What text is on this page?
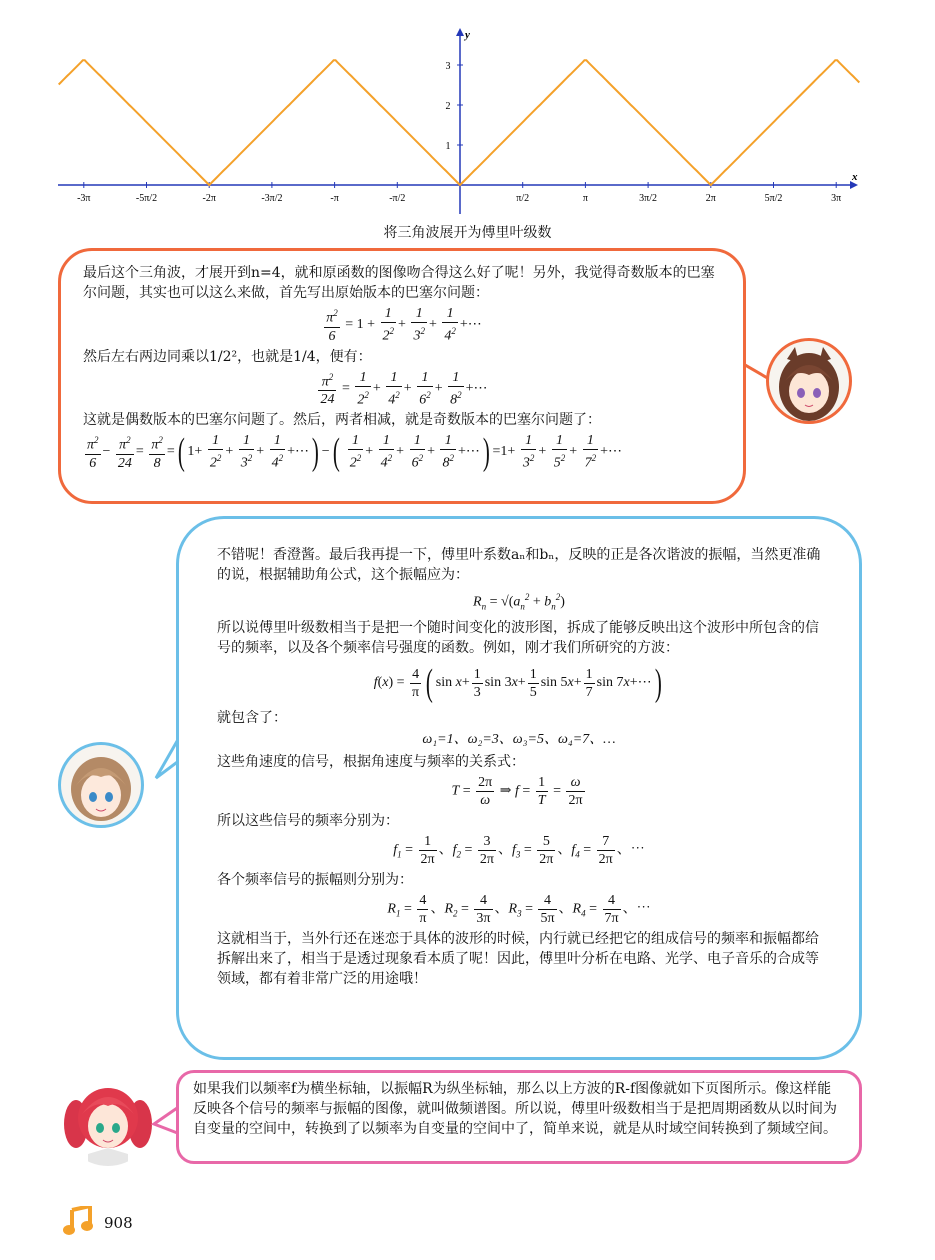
x
y
-3π	-5π/2	-2π	-3π/2	-π	-π/2	π/2	π	3π/2	2π	5π/2	3π
1
2
3
将三角波展开为傅里叶级数

最后这个三角波，才展开到n=4，就和原函数的图像吻合得这么好了呢！另外，我觉得奇数版本的巴塞尔问题，其实也可以这么来做，首先写出原始版本的巴塞尔问题：

$\frac{\pi^2}{6} = 1 + \frac{1}{2^2} + \frac{1}{3^2} + \frac{1}{4^2}$ +⋯

然后左右两边同乘以1/2²，也就是1/4，便有：

$\frac{\pi^2}{24} = \frac{1}{2^2} + \frac{1}{4^2} + \frac{1}{6^2} + \frac{1}{8^2}$ +⋯

这就是偶数版本的巴塞尔问题了。然后，两者相减，就是奇数版本的巴塞尔问题了：

$\frac{\pi^2}{6} - \frac{\pi^2}{24} = \frac{\pi^2}{8}$ =( $1+ \frac{1}{2^2} + \frac{1}{3^2} + \frac{1}{4^2}$ +⋯) −( $\frac{1}{2^2} + \frac{1}{4^2} + \frac{1}{6^2} + \frac{1}{8^2}$ +⋯) $=1+ \frac{1}{3^2} + \frac{1}{5^2} + \frac{1}{7^2}$ +⋯

不错呢！香澄酱。最后我再提一下，傅里叶系数aₙ和bₙ，反映的正是各次谐波的振幅，当然更准确的说，根据辅助角公式，这个振幅应为：

$R_n = √(a_n^2 + b_n^2)$

所以说傅里叶级数相当于是把一个随时间变化的波形图，拆成了能够反映出这个波形中所包含的信号的频率，以及各个频率信号强度的函数。例如，刚才我们所研究的方波：

$f(x) = \frac{4}{\pi}$ ( $\sin x+ \frac{1}{3}$ $\sin 3x+ \frac{1}{5}$ $\sin 5x+ \frac{1}{7}$ sin 7x+⋯)

就包含了：

ω₁=1、ω₂=3、ω₃=5、ω₄=7、…

这些角速度的信号，根据角速度与频率的关系式：

$T = \frac{2\pi}{\omega}$ ⇒ $f = \frac{1}{T} = \frac{\omega}{2\pi}$

所以这些信号的频率分别为：

$f_1 = \frac{1}{2\pi}$ 、$f_2 = \frac{3}{2\pi}$ 、$f_3 = \frac{5}{2\pi}$ 、$f_4 = \frac{7}{2\pi}$ 、⋯

各个频率信号的振幅则分别为：

$R_1 = \frac{4}{\pi}$ 、$R_2 = \frac{4}{3\pi}$ 、$R_3 = \frac{4}{5\pi}$ 、$R_4 = \frac{4}{7\pi}$ 、⋯

这就相当于，当外行还在迷恋于具体的波形的时候，内行就已经把它的组成信号的频率和振幅都给拆解出来了，相当于是透过现象看本质了呢！因此，傅里叶分析在电路、光学、电子音乐的合成等领域，都有着非常广泛的用途哦！

如果我们以频率f为横坐标轴，以振幅R为纵坐标轴，那么以上方波的R-f图像就如下页图所示。像这样能反映各个信号的频率与振幅的图像，就叫做频谱图。所以说，傅里叶级数相当于是把周期函数从以时间为自变量的空间中，转换到了以频率为自变量的空间中了，简单来说，就是从时域空间转换到了频域空间。

908
